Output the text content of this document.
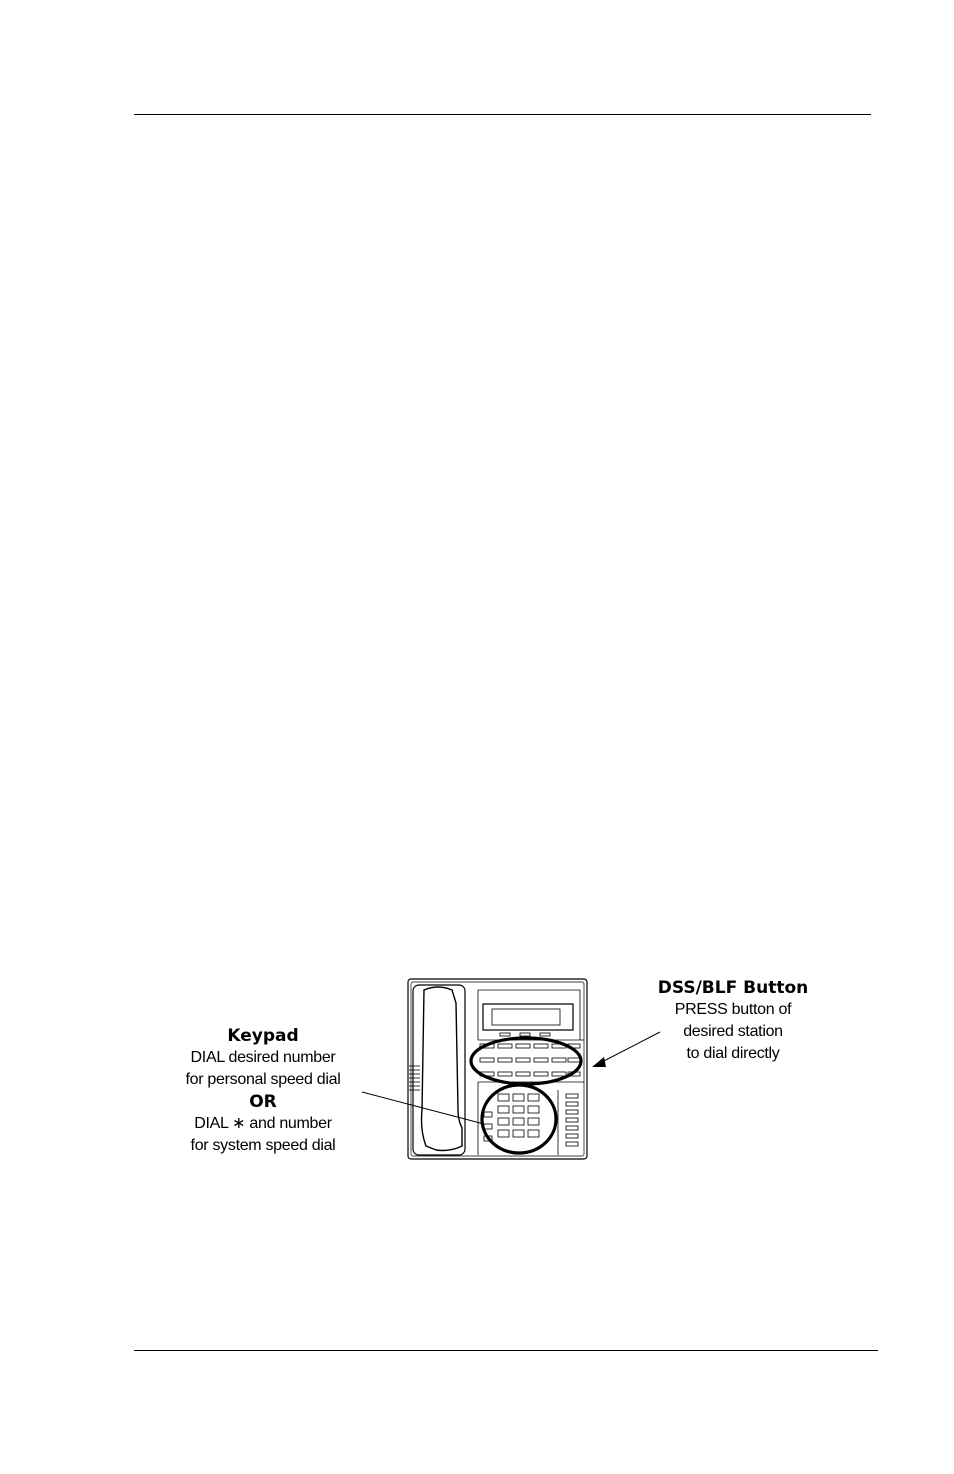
Keypad
DIAL desired number
for personal speed dial
OR
DIAL ∗ and number
for system speed dial
DSS/BLF Button
PRESS button of
desired station
to dial directly
